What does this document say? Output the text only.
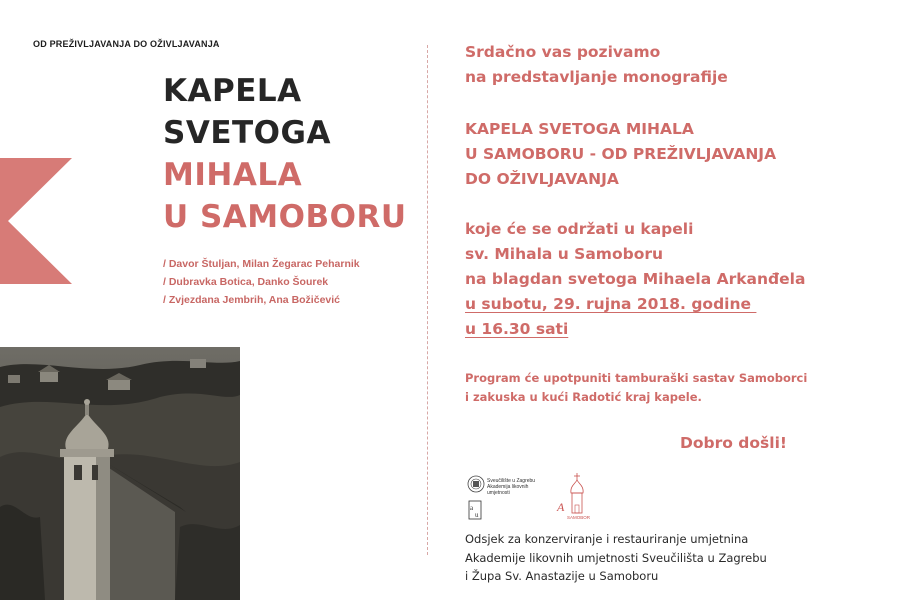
OD PREŽIVLJAVANJA DO OŽIVLJAVANJA
KAPELA
SVETOGA
MIHALA
U SAMOBORU
/ Davor Štuljan, Milan Žegarac Peharnik
/ Dubravka Botica, Danko Šourek
/ Zvjezdana Jembrih, Ana Božičević
Srdačno vas pozivamo
na predstavljanje monografije
KAPELA SVETOGA MIHALA
U SAMOBORU - OD PREŽIVLJAVANJA
DO OŽIVLJAVANJA
koje će se održati u kapeli
sv. Mihala u Samoboru
na blagdan svetoga Mihaela Arkanđela
u subotu, 29. rujna 2018. godine
u 16.30 sati
Program će upotpuniti tamburaški sastav Samoborci
i zakuska u kući Radotić kraj kapele.
Dobro došli!
Sveučilište u Zagrebu
Akademija likovnih
umjetnosti
a
u
A
SAMOBOR
Odsjek za konzerviranje i restauriranje umjetnina
Akademije likovnih umjetnosti Sveučilišta u Zagrebu
i Župa Sv. Anastazije u Samoboru
